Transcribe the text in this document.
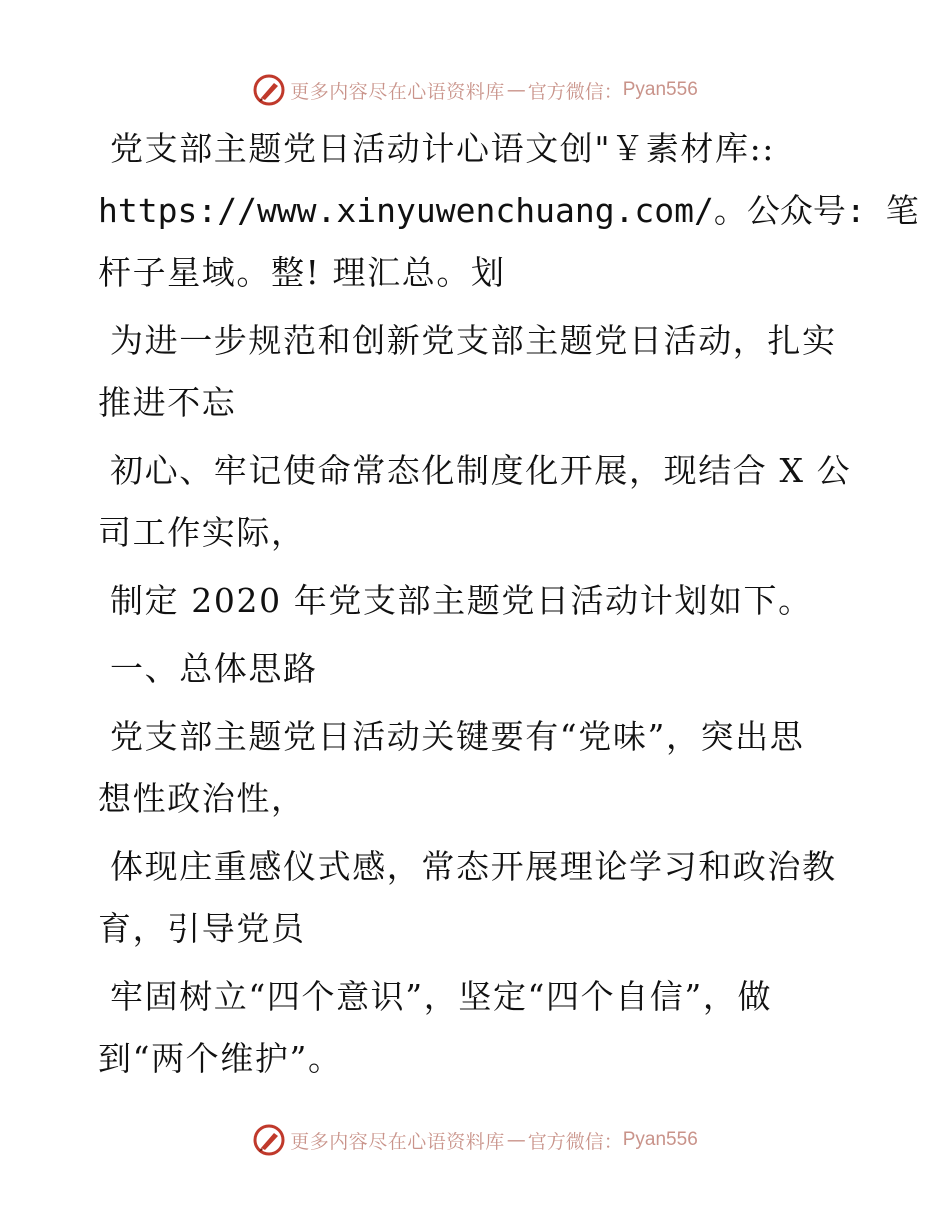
更多内容尽在心语资料库 — 官方微信： Pyan556
党支部主题党日活动计心语文创"￥素材库::
https://www.xinyuwenchuang.com/。公众号: 笔
杆子星域。整! 理汇总。划
为进一步规范和创新党支部主题党日活动，扎实
推进不忘
初心、牢记使命常态化制度化开展，现结合 X 公
司工作实际，
制定 2020 年党支部主题党日活动计划如下。
一、总体思路
党支部主题党日活动关键要有“党味”，突出思
想性政治性，
体现庄重感仪式感，常态开展理论学习和政治教
育，引导党员
牢固树立“四个意识”，坚定“四个自信”，做
到“两个维护”。
更多内容尽在心语资料库 — 官方微信： Pyan556
